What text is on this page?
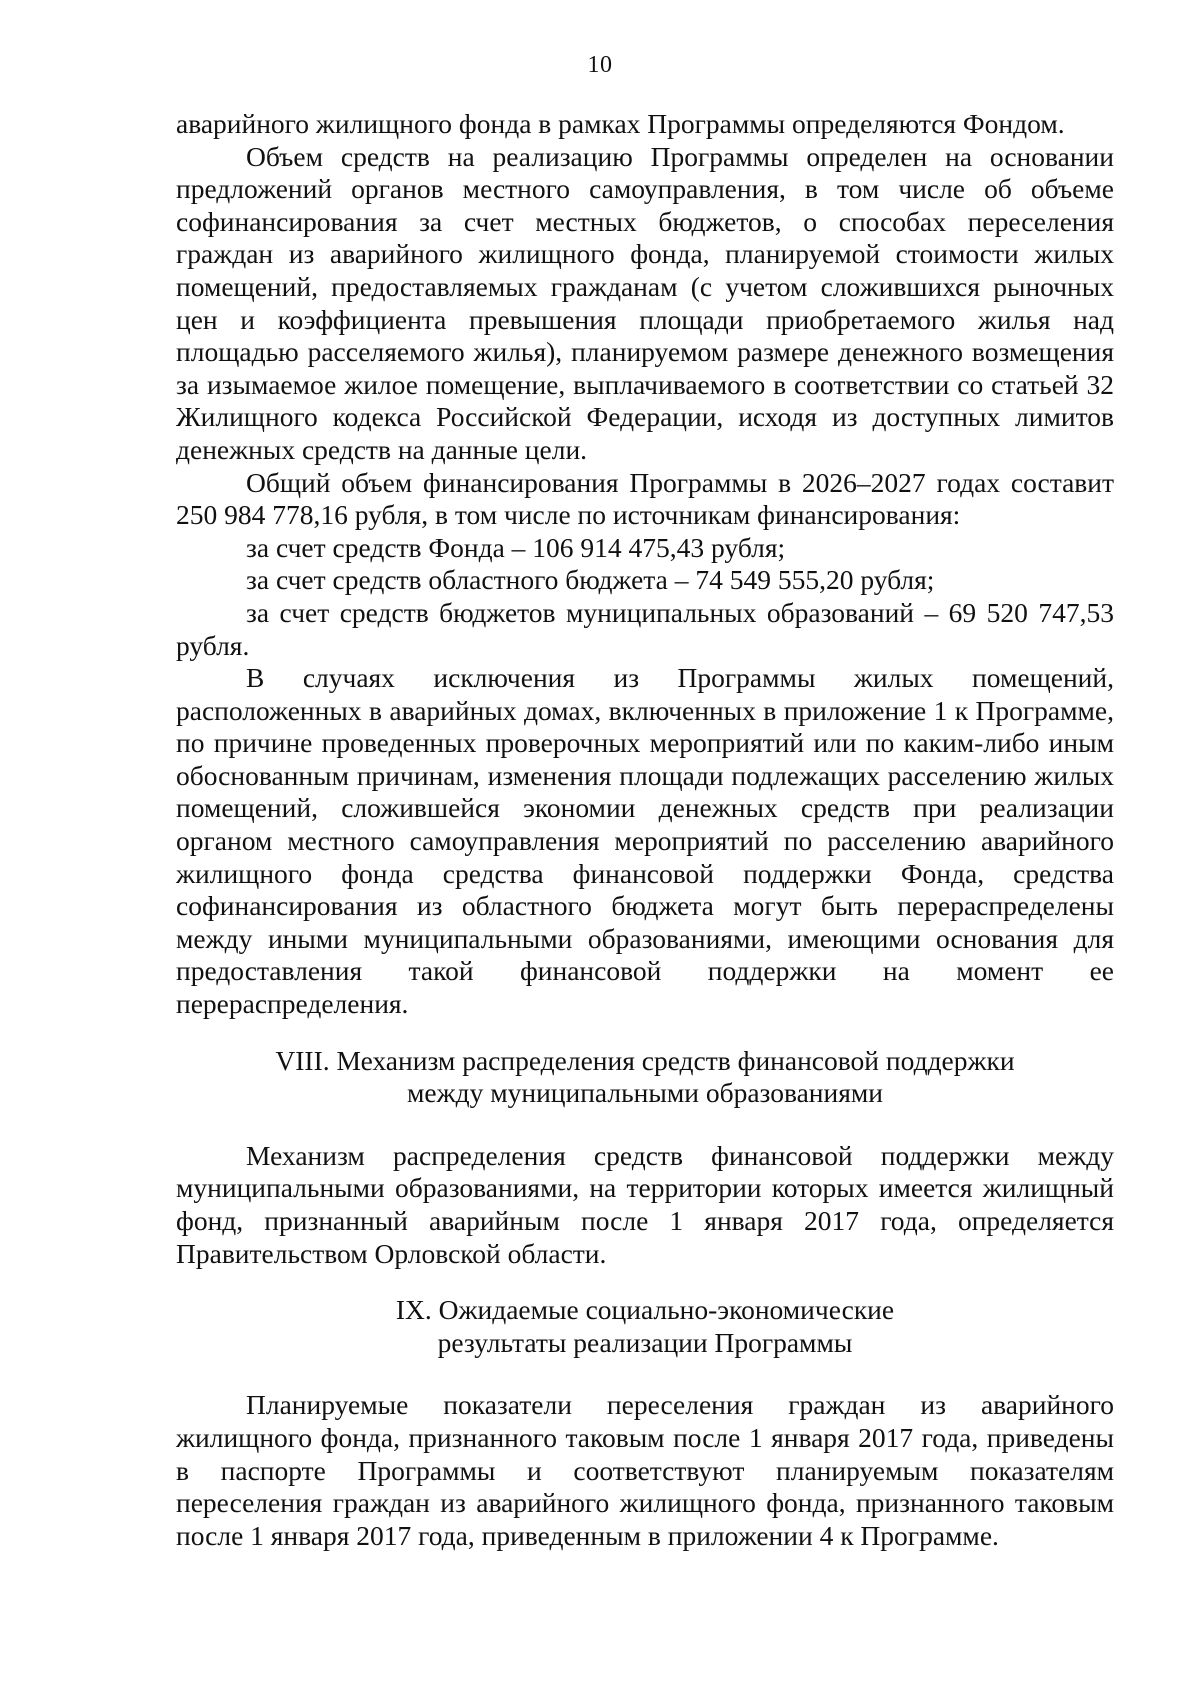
10

аварийного жилищного фонда в рамках Программы определяются Фондом.

Объем средств на реализацию Программы определен на основании предложений органов местного самоуправления, в том числе об объеме софинансирования за счет местных бюджетов, о способах переселения граждан из аварийного жилищного фонда, планируемой стоимости жилых помещений, предоставляемых гражданам (с учетом сложившихся рыночных цен и коэффициента превышения площади приобретаемого жилья над площадью расселяемого жилья), планируемом размере денежного возмещения за изымаемое жилое помещение, выплачиваемого в соответствии со статьей 32 Жилищного кодекса Российской Федерации, исходя из доступных лимитов денежных средств на данные цели.

Общий объем финансирования Программы в 2026–2027 годах составит 250 984 778,16 рубля, в том числе по источникам финансирования:

за счет средств Фонда – 106 914 475,43 рубля;

за счет средств областного бюджета – 74 549 555,20 рубля;

за счет средств бюджетов муниципальных образований – 69 520 747,53 рубля.

В случаях исключения из Программы жилых помещений, расположенных в аварийных домах, включенных в приложение 1 к Программе, по причине проведенных проверочных мероприятий или по каким-либо иным обоснованным причинам, изменения площади подлежащих расселению жилых помещений, сложившейся экономии денежных средств при реализации органом местного самоуправления мероприятий по расселению аварийного жилищного фонда средства финансовой поддержки Фонда, средства софинансирования из областного бюджета могут быть перераспределены между иными муниципальными образованиями, имеющими основания для предоставления такой финансовой поддержки на момент ее перераспределения.

VIII. Механизм распределения средств финансовой поддержки

между муниципальными образованиями

Механизм распределения средств финансовой поддержки между муниципальными образованиями, на территории которых имеется жилищный фонд, признанный аварийным после 1 января 2017 года, определяется Правительством Орловской области.

IX. Ожидаемые социально-экономические

результаты реализации Программы

Планируемые показатели переселения граждан из аварийного жилищного фонда, признанного таковым после 1 января 2017 года, приведены в паспорте Программы и соответствуют планируемым показателям переселения граждан из аварийного жилищного фонда, признанного таковым после 1 января 2017 года, приведенным в приложении 4 к Программе.
